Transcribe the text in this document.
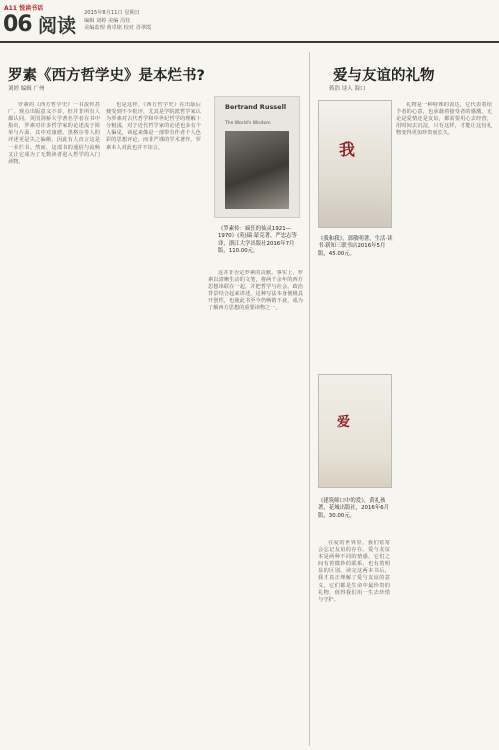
A11 悦读书话
06 阅读
2015年8月11日 星期日
编辑 刘婷 美编 冯钰
美编监理 黄卓铭 校对 胥翠霞
罗素《西方哲学史》是本烂书?
刘婷 编辑 广州
罗素的《西方哲学史》一书流传甚广，观点出版意义不菲，但并非所有人都认同。英国剑桥大学著名学者在书中指出，罗素对许多哲学家的论述流于简单与片面，其中对康德、黑格尔等人的评述更是失之偏颇，因此有人直言这是一本烂书。然而，这部书的通俗与流畅又让它成为了无数读者进入哲学的入门读物。
也是这样，《西方哲学史》在出版后便受到不少批评，尤其是学院派哲学家认为罗素对古代哲学和中世纪哲学的理解十分粗浅，对于近代哲学家的论述也多有个人偏见，读起来像是一部带有作者个人色彩的思想评论，而非严谨的学术著作。罗素本人对此也并不讳言。
Bertrand Russell
The World's Wisdom
《罗素传：疯狂的仙灵1921—1970》(英)瑞·蒙克著，严忠志等译，浙江大学出版社2016年7月版，110.00元。
这并非否定罗素的贡献。事实上，罗素以清晰生动的文笔，将两千余年的西方思想串联在一起，并把哲学与社会、政治背景结合起来讲述，这种写法本身便极具开创性，也使此书至今仍畅销不衰，成为了解西方思想的重要读物之一。
爱与友谊的礼物
蒋浩 诗人 海口
礼物是一种特殊的表达，它代表着给予者的心意，也承载着接受者的感激。无论是爱情还是友谊，都需要用心去经营，用时间去沉淀，只有这样，才能让这份礼物变得更加珍贵而长久。
我
《我和我》，郭敬明著，生活·读书·新知三联书店2016年5月版，45.00元。
爱
《建筑师口中的爱》，黄礼孩著，花城出版社，2016年6月版，30.00元。
在爱的世界里，我们常常会忘记友谊的存在。爱与友谊本是两种不同的情感，它们之间有着微妙的联系，也有着明显的区别。读完这两本书后，我才真正理解了爱与友谊的意义，它们都是生命中最珍贵的礼物，值得我们用一生去珍惜与守护。
